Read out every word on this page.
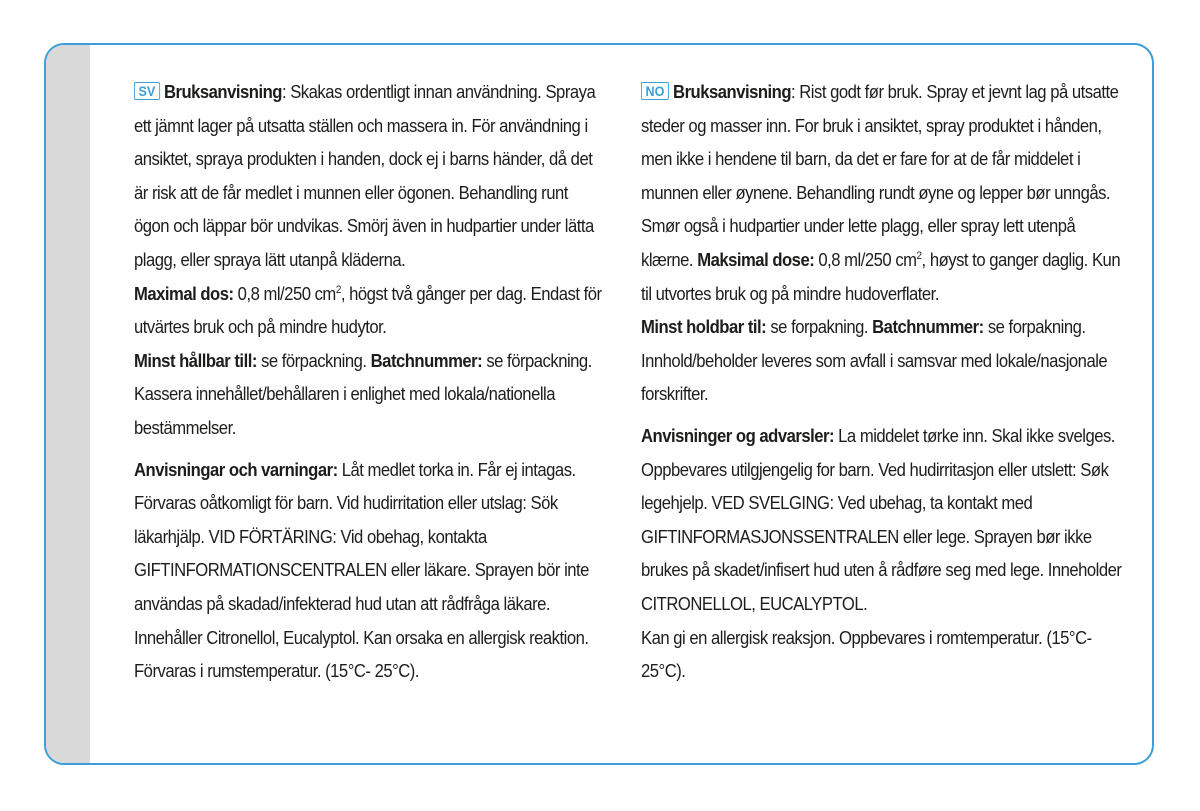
SV Bruksanvisning: Skakas ordentligt innan användning. Spraya ett jämnt lager på utsatta ställen och massera in. För användning i ansiktet, spraya produkten i handen, dock ej i barns händer, då det är risk att de får medlet i munnen eller ögonen. Behandling runt ögon och läppar bör undvikas. Smörj även in hudpartier under lätta plagg, eller spraya lätt utanpå kläderna.

Maximal dos: 0,8 ml/250 $cm^2$, högst två gånger per dag. Endast för utvärtes bruk och på mindre hudytor.

Minst hållbar till: se förpackning. Batchnummer: se förpackning. Kassera innehållet/behållaren i enlighet med lokala/nationella bestämmelser.

Anvisningar och varningar: Låt medlet torka in. Får ej intagas. Förvaras oåtkomligt för barn. Vid hudirritation eller utslag: Sök läkarhjälp. VID FÖRTÄRING: Vid obehag, kontakta GIFTINFORMATIONSCENTRALEN eller läkare. Sprayen bör inte användas på skadad/infekterad hud utan att rådfråga läkare. Innehåller Citronellol, Eucalyptol. Kan orsaka en allergisk reaktion. Förvaras i rumstemperatur. (15°C- 25°C).

NO Bruksanvisning: Rist godt før bruk. Spray et jevnt lag på utsatte steder og masser inn. For bruk i ansiktet, spray produktet i hånden, men ikke i hendene til barn, da det er fare for at de får middelet i munnen eller øynene. Behandling rundt øyne og lepper bør unngås. Smør også i hudpartier under lette plagg, eller spray lett utenpå klærne. Maksimal dose: 0,8 ml/250 $cm^2$, høyst to ganger daglig. Kun til utvortes bruk og på mindre hudoverflater.

Minst holdbar til: se forpakning. Batchnummer: se forpakning. Innhold/beholder leveres som avfall i samsvar med lokale/nasjonale forskrifter.

Anvisninger og advarsler: La middelet tørke inn. Skal ikke svelges. Oppbevares utilgjengelig for barn. Ved hudirritasjon eller utslett: Søk legehjelp. VED SVELGING: Ved ubehag, ta kontakt med GIFTINFORMASJONSSENTRALEN eller lege. Sprayen bør ikke brukes på skadet/infisert hud uten å rådføre seg med lege. Inneholder CITRONELLOL, EUCALYPTOL.
Kan gi en allergisk reaksjon. Oppbevares i romtemperatur. (15°C- 25°C).
